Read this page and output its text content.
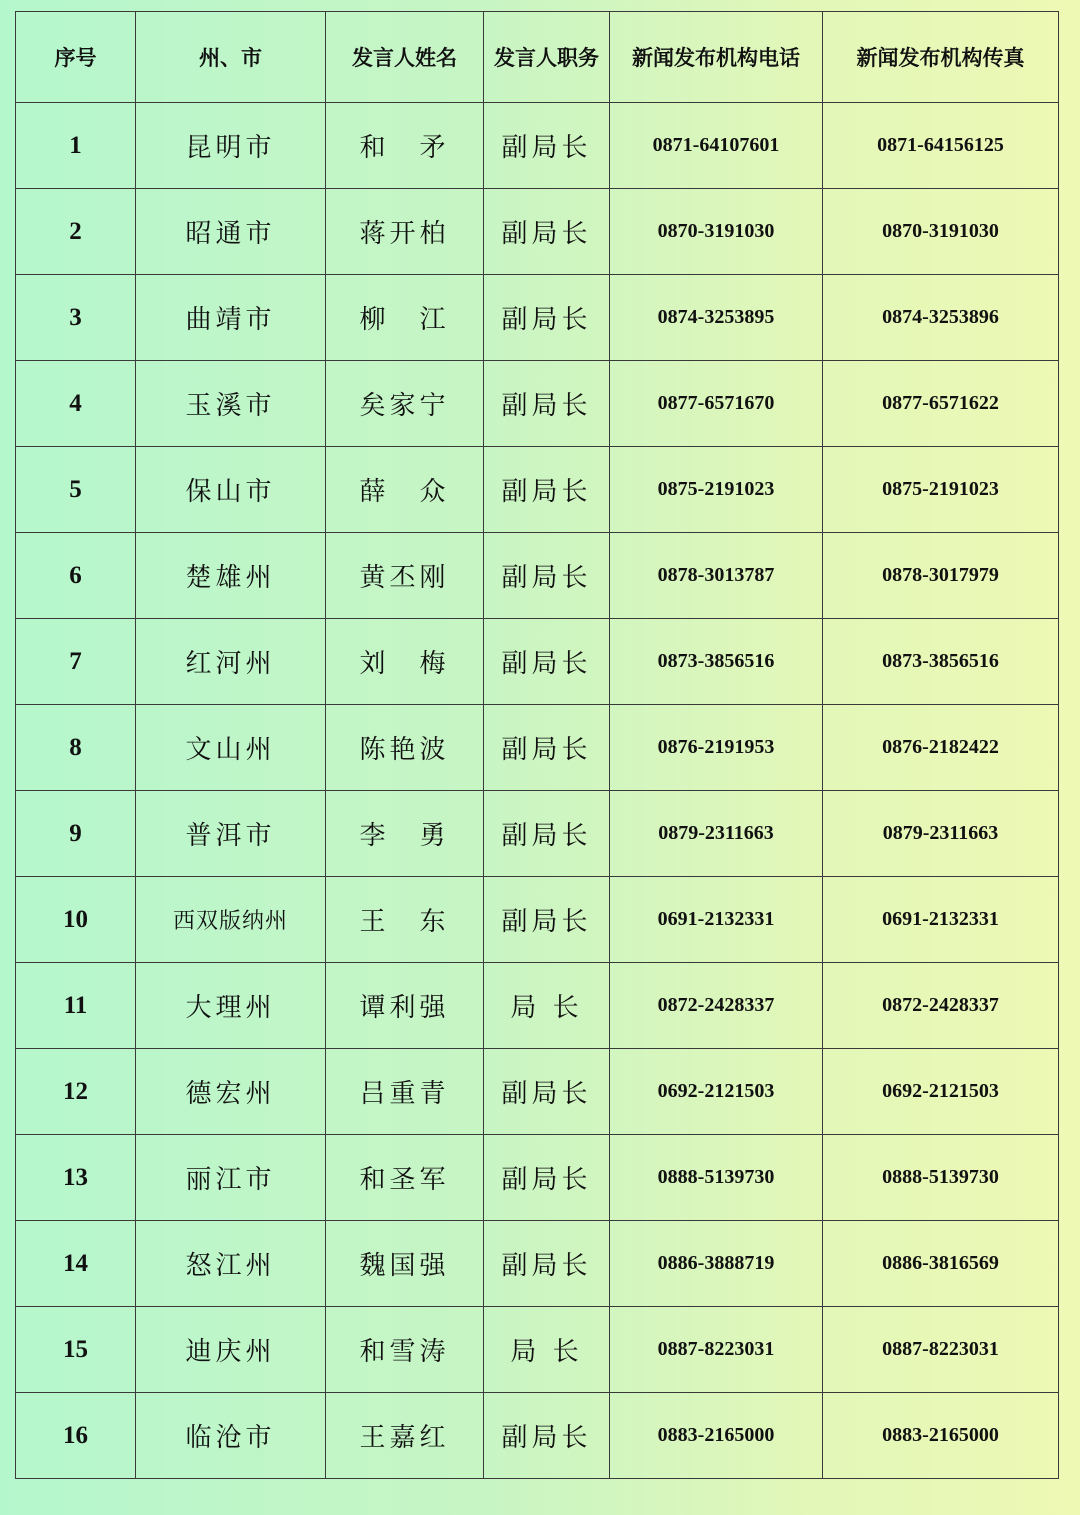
序号	州、市	发言人姓名	发言人职务	新闻发布机构电话	新闻发布机构传真
1	昆明市	和　矛	副局长	0871-64107601	0871-64156125
2	昭通市	蒋开柏	副局长	0870-3191030	0870-3191030
3	曲靖市	柳　江	副局长	0874-3253895	0874-3253896
4	玉溪市	矣家宁	副局长	0877-6571670	0877-6571622
5	保山市	薛　众	副局长	0875-2191023	0875-2191023
6	楚雄州	黄丕刚	副局长	0878-3013787	0878-3017979
7	红河州	刘　梅	副局长	0873-3856516	0873-3856516
8	文山州	陈艳波	副局长	0876-2191953	0876-2182422
9	普洱市	李　勇	副局长	0879-2311663	0879-2311663
10	西双版纳州	王　东	副局长	0691-2132331	0691-2132331
11	大理州	谭利强	局 长	0872-2428337	0872-2428337
12	德宏州	吕重青	副局长	0692-2121503	0692-2121503
13	丽江市	和圣军	副局长	0888-5139730	0888-5139730
14	怒江州	魏国强	副局长	0886-3888719	0886-3816569
15	迪庆州	和雪涛	局 长	0887-8223031	0887-8223031
16	临沧市	王嘉红	副局长	0883-2165000	0883-2165000
